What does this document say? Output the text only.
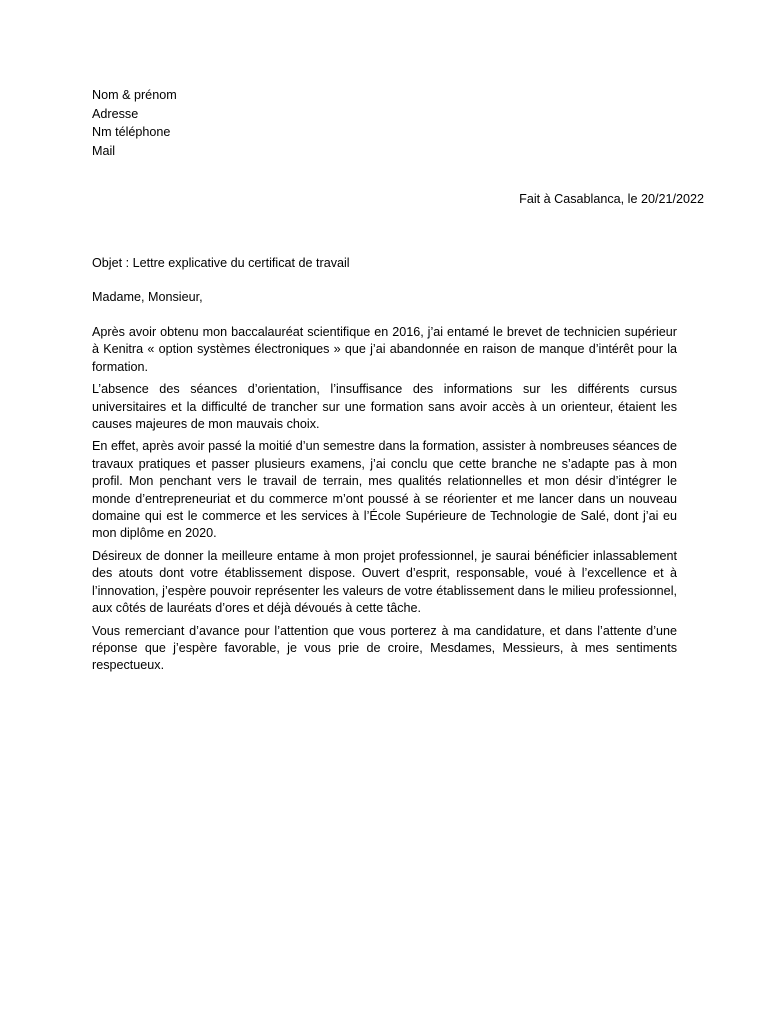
Nom & prénom
Adresse
Nm téléphone
Mail
Fait à Casablanca, le 20/21/2022
Objet : Lettre explicative du certificat de travail
Madame, Monsieur,

Après avoir obtenu mon baccalauréat scientifique en 2016, j’ai entamé le brevet de technicien supérieur à Kenitra « option systèmes électroniques » que j’ai abandonnée en raison de manque d’intérêt pour la formation.

L’absence des séances d’orientation, l’insuffisance des informations sur les différents cursus universitaires et la difficulté de trancher sur une formation sans avoir accès à un orienteur, étaient les causes majeures de mon mauvais choix.

En effet, après avoir passé la moitié d’un semestre dans la formation, assister à nombreuses séances de travaux pratiques et passer plusieurs examens, j’ai conclu que cette branche ne s’adapte pas à mon profil. Mon penchant vers le travail de terrain, mes qualités relationnelles et mon désir d’intégrer le monde d’entrepreneuriat et du commerce m’ont poussé à se réorienter et me lancer dans un nouveau domaine qui est le commerce et les services à l’École Supérieure de Technologie de Salé, dont j’ai eu mon diplôme en 2020.

Désireux de donner la meilleure entame à mon projet professionnel, je saurai bénéficier inlassablement des atouts dont votre établissement dispose. Ouvert d’esprit, responsable, voué à l’excellence et à l’innovation, j’espère pouvoir représenter les valeurs de votre établissement dans le milieu professionnel, aux côtés de lauréats d’ores et déjà dévoués à cette tâche.

Vous remerciant d’avance pour l’attention que vous porterez à ma candidature, et dans l’attente d’une réponse que j’espère favorable, je vous prie de croire, Mesdames, Messieurs, à mes sentiments respectueux.
